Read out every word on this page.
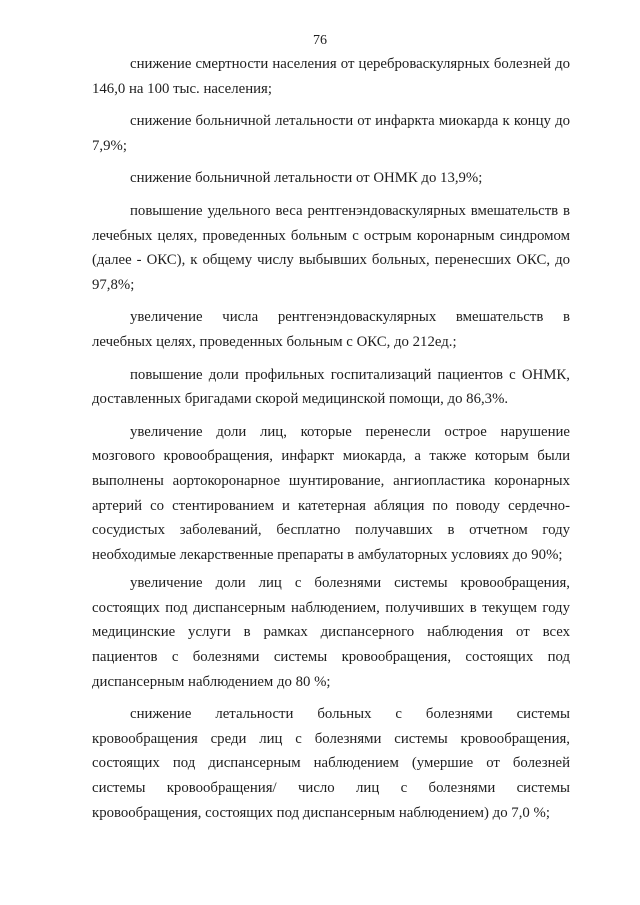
76

снижение смертности населения от цереброваскулярных болезней до 146,0 на 100 тыс. населения;

снижение больничной летальности от инфаркта миокарда к концу до 7,9%;

снижение больничной летальности от ОНМК до 13,9%;

повышение удельного веса рентгенэндоваскулярных вмешательств в лечебных целях, проведенных больным с острым коронарным синдромом (далее - ОКС), к общему числу выбывших больных, перенесших ОКС, до 97,8%;

увеличение числа рентгенэндоваскулярных вмешательств в лечебных целях, проведенных больным с ОКС, до 212ед.;

повышение доли профильных госпитализаций пациентов с ОНМК, доставленных бригадами скорой медицинской помощи, до 86,3%.

увеличение доли лиц, которые перенесли острое нарушение мозгового кровообращения, инфаркт миокарда, а также которым были выполнены аортокоронарное шунтирование, ангиопластика коронарных артерий со стентированием и катетерная абляция по поводу сердечно-сосудистых заболеваний, бесплатно получавших в отчетном году необходимые лекарственные препараты в амбулаторных условиях до 90%;

увеличение доли лиц с болезнями системы кровообращения, состоящих под диспансерным наблюдением, получивших в текущем году медицинские услуги в рамках диспансерного наблюдения от всех пациентов с болезнями системы кровообращения, состоящих под диспансерным наблюдением до 80 %;

снижение летальности больных с болезнями системы кровообращения среди лиц с болезнями системы кровообращения, состоящих под диспансерным наблюдением (умершие от болезней системы кровообращения/ число лиц с болезнями системы кровообращения, состоящих под диспансерным наблюдением) до 7,0 %;
